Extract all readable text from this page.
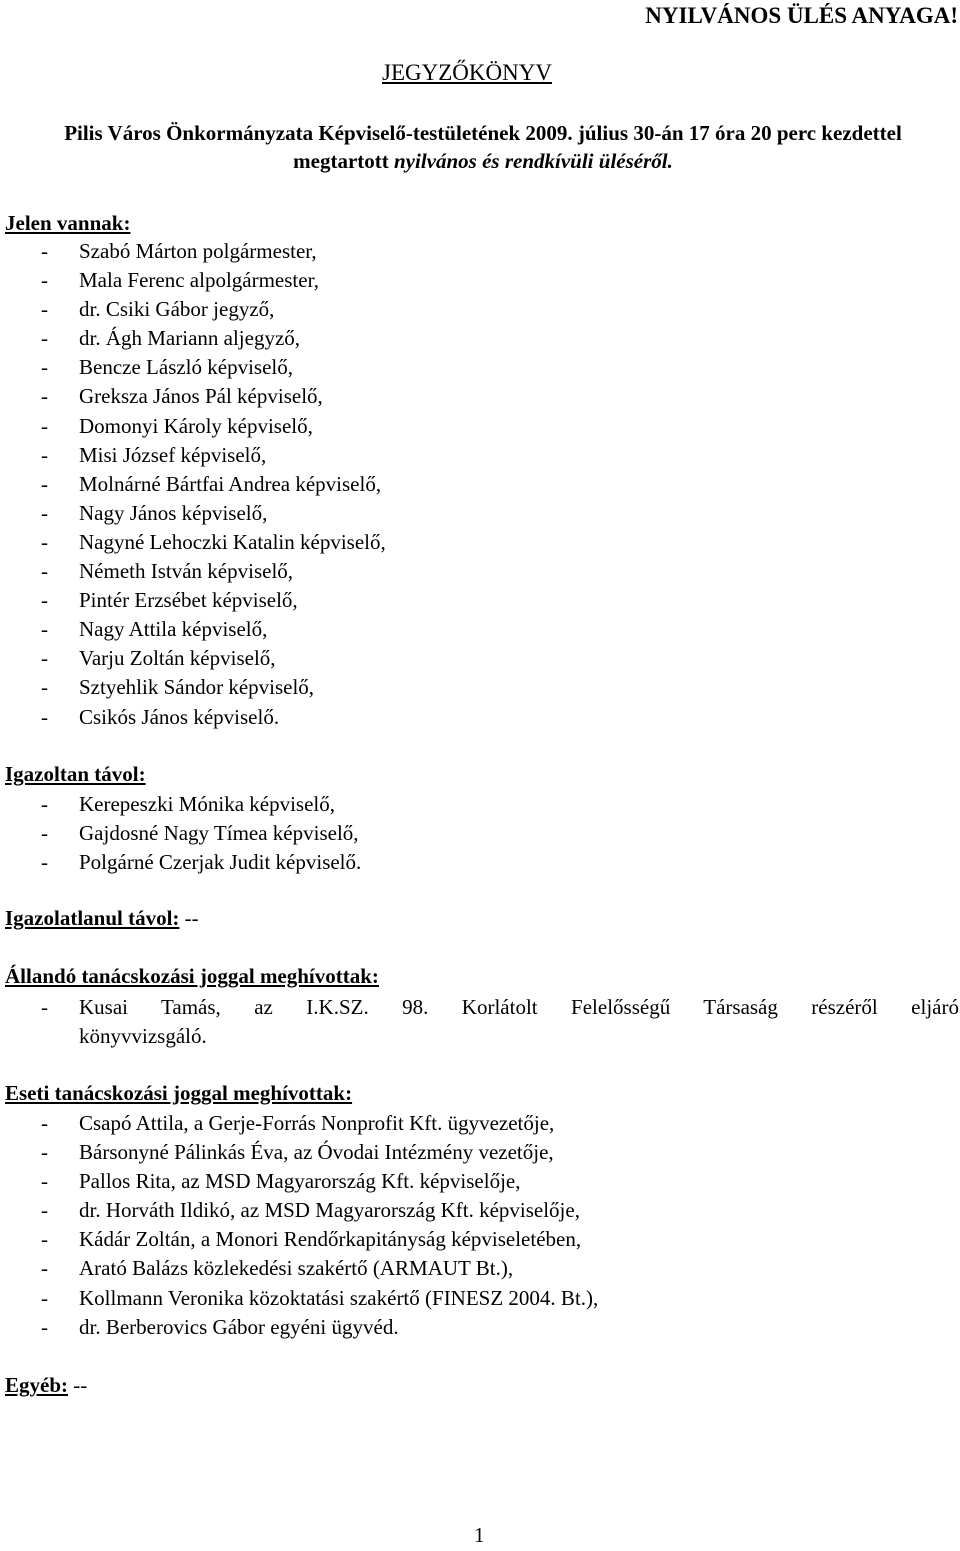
NYILVÁNOS ÜLÉS ANYAGA!
JEGYZŐKÖNYV
Pilis Város Önkormányzata Képviselő-testületének 2009. július 30-án 17 óra 20 perc kezdettel megtartott nyilvános és rendkívüli üléséről.
Jelen vannak:
- Szabó Márton polgármester,
- Mala Ferenc alpolgármester,
- dr. Csiki Gábor jegyző,
- dr. Ágh Mariann aljegyző,
- Bencze László képviselő,
- Greksza János Pál képviselő,
- Domonyi Károly képviselő,
- Misi József képviselő,
- Molnárné Bártfai Andrea képviselő,
- Nagy János képviselő,
- Nagyné Lehoczki Katalin képviselő,
- Németh István képviselő,
- Pintér Erzsébet képviselő,
- Nagy Attila képviselő,
- Varju Zoltán képviselő,
- Sztyehlik Sándor képviselő,
- Csikós János képviselő.
Igazoltan távol:
- Kerepeszki Mónika képviselő,
- Gajdosné Nagy Tímea képviselő,
- Polgárné Czerjak Judit képviselő.
Igazolatlanul távol: --
Állandó tanácskozási joggal meghívottak:
- Kusai Tamás, az I.K.SZ. 98. Korlátolt Felelősségű Társaság részéről eljáró
könyvvizsgáló.
Eseti tanácskozási joggal meghívottak:
- Csapó Attila, a Gerje-Forrás Nonprofit Kft. ügyvezetője,
- Bársonyné Pálinkás Éva, az Óvodai Intézmény vezetője,
- Pallos Rita, az MSD Magyarország Kft. képviselője,
- dr. Horváth Ildikó, az MSD Magyarország Kft. képviselője,
- Kádár Zoltán, a Monori Rendőrkapitányság képviseletében,
- Arató Balázs közlekedési szakértő (ARMAUT Bt.),
- Kollmann Veronika közoktatási szakértő (FINESZ 2004. Bt.),
- dr. Berberovics Gábor egyéni ügyvéd.
Egyéb: --
1
